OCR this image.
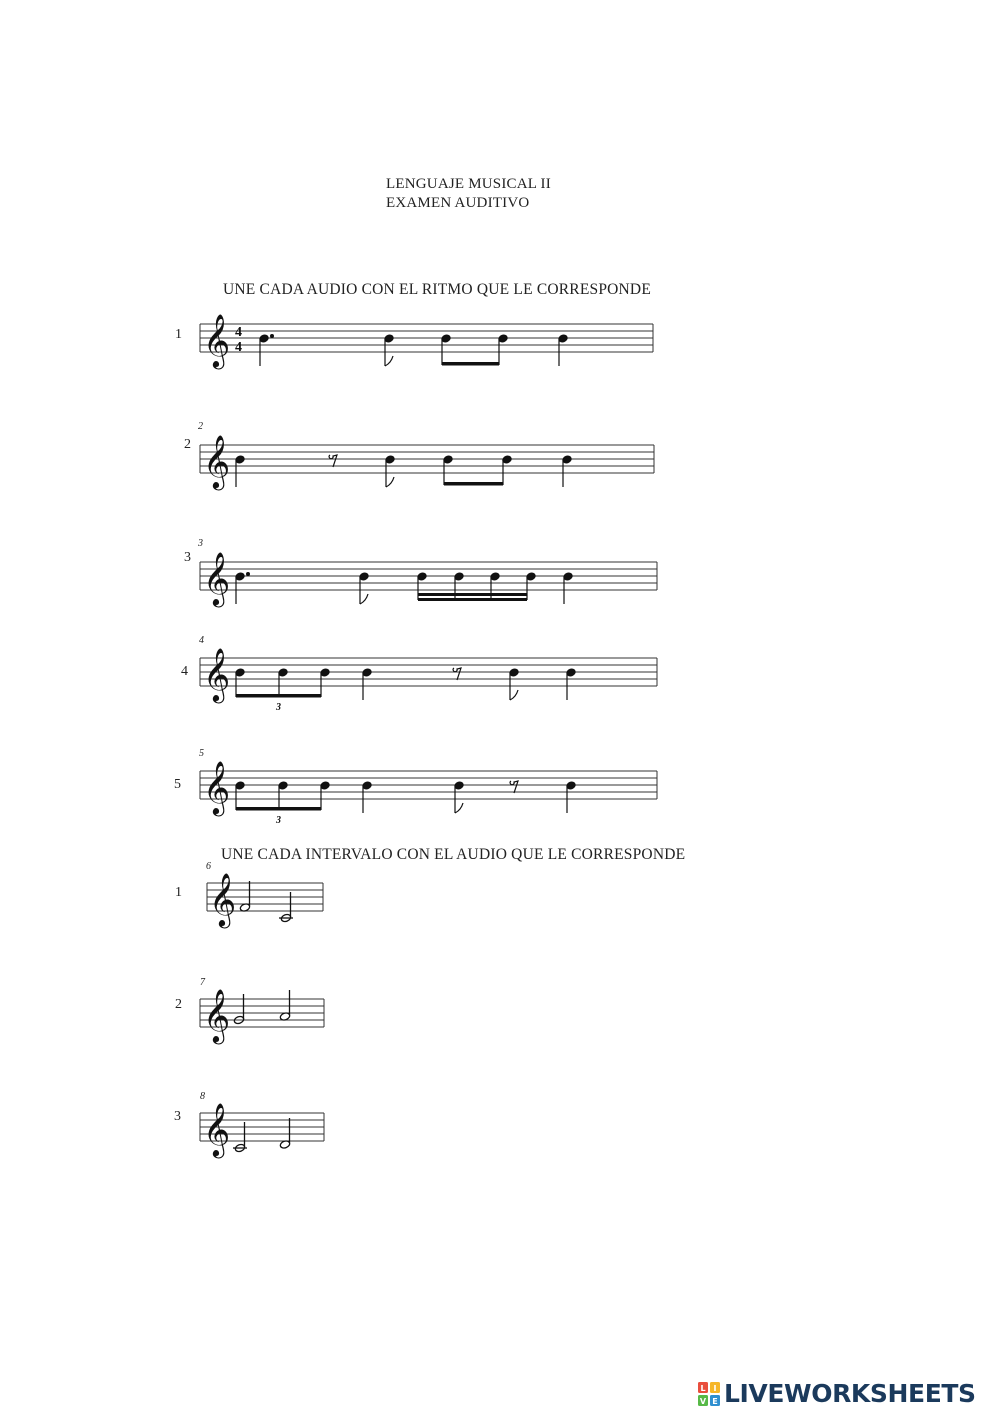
LENGUAJE MUSICAL II
EXAMEN AUDITIVO
UNE CADA AUDIO CON EL RITMO QUE LE CORRESPONDE
1
2
3
4
5
𝄞 4
4
2
𝄞
3
𝄞
4
𝄞
3
5
𝄞
3
UNE CADA INTERVALO CON EL AUDIO QUE LE CORRESPONDE
1
2
3
6
𝄞
7
𝄞
8
𝄞
L I
V E LIVEWORKSHEETS
